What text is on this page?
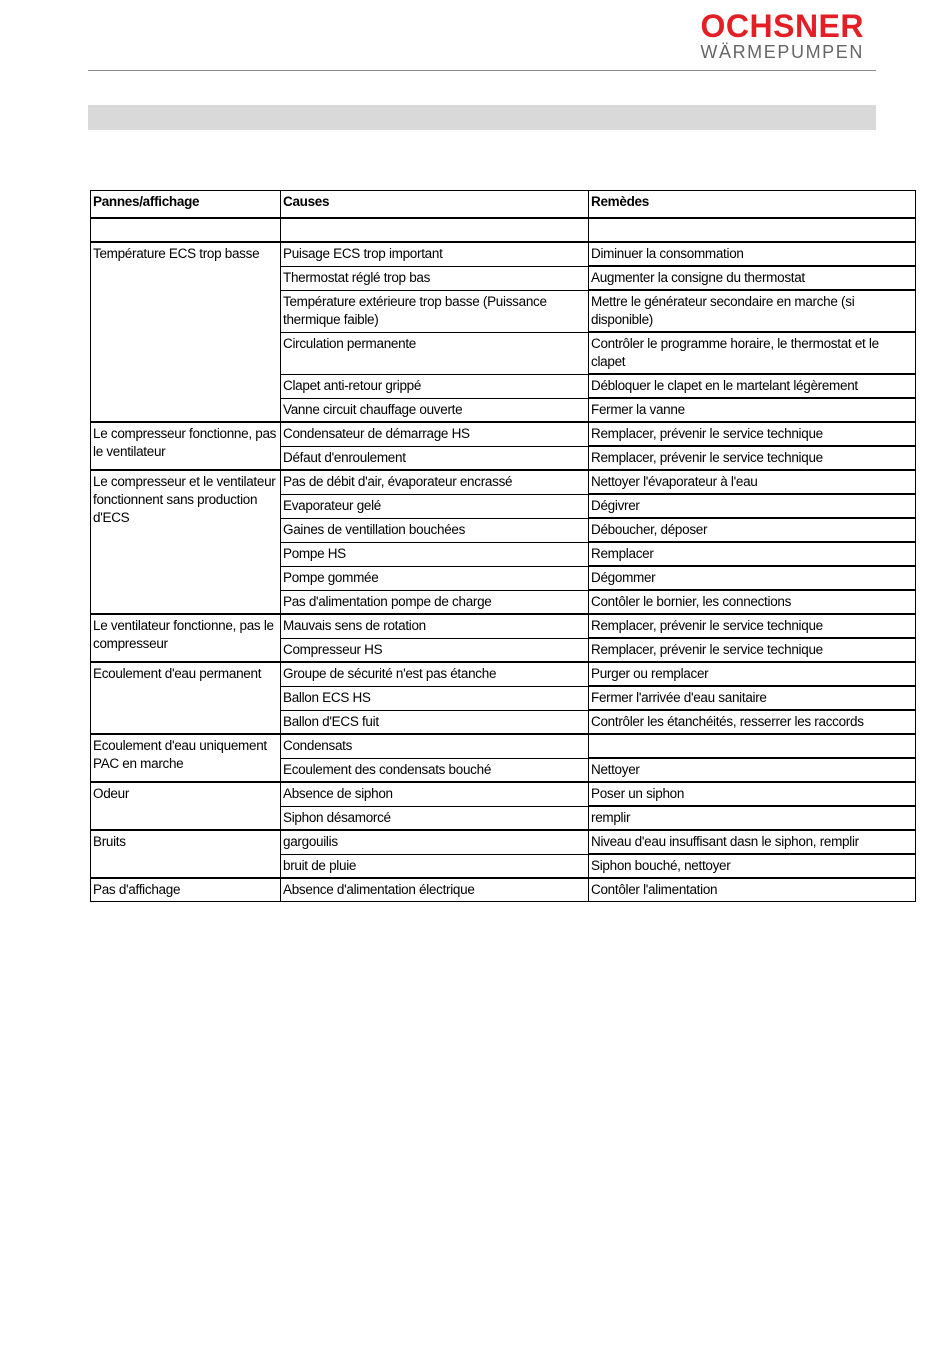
OCHSNER
WÄRMEPUMPEN
Pannes/affichage	Causes	Remèdes

Température ECS trop basse	Puisage ECS trop important	Diminuer la consommation
	Thermostat réglé trop bas	Augmenter la consigne du thermostat
	Température extérieure trop basse (Puissance thermique faible)	Mettre le générateur secondaire en marche (si disponible)
	Circulation permanente	Contrôler le programme horaire, le thermostat et le clapet
	Clapet anti-retour grippé	Débloquer le clapet en le martelant légèrement
	Vanne circuit chauffage ouverte	Fermer la vanne
Le compresseur fonctionne, pas le ventilateur	Condensateur de démarrage HS	Remplacer, prévenir le service technique
	Défaut d'enroulement	Remplacer, prévenir le service technique
Le compresseur et le ventilateur fonctionnent sans production d'ECS	Pas de débit d'air, évaporateur encrassé	Nettoyer l'évaporateur à l'eau
	Evaporateur gelé	Dégivrer
	Gaines de ventillation bouchées	Déboucher, déposer
	Pompe HS	Remplacer
	Pompe gommée	Dégommer
	Pas d'alimentation pompe de charge	Contôler le bornier, les connections
Le ventilateur fonctionne, pas le compresseur	Mauvais sens de rotation	Remplacer, prévenir le service technique
	Compresseur HS	Remplacer, prévenir le service technique
Ecoulement d'eau permanent	Groupe de sécurité n'est pas étanche	Purger ou remplacer
	Ballon ECS HS	Fermer l'arrivée d'eau sanitaire
	Ballon d'ECS fuit	Contrôler les étanchéités, resserrer les raccords
Ecoulement d'eau uniquement PAC en marche	Condensats	
	Ecoulement des condensats bouché	Nettoyer
Odeur	Absence de siphon	Poser un siphon
	Siphon désamorcé	remplir
Bruits	gargouilis	Niveau d'eau insuffisant dasn le siphon, remplir
	bruit de pluie	Siphon bouché, nettoyer
Pas d'affichage	Absence d'alimentation électrique	Contôler l'alimentation
